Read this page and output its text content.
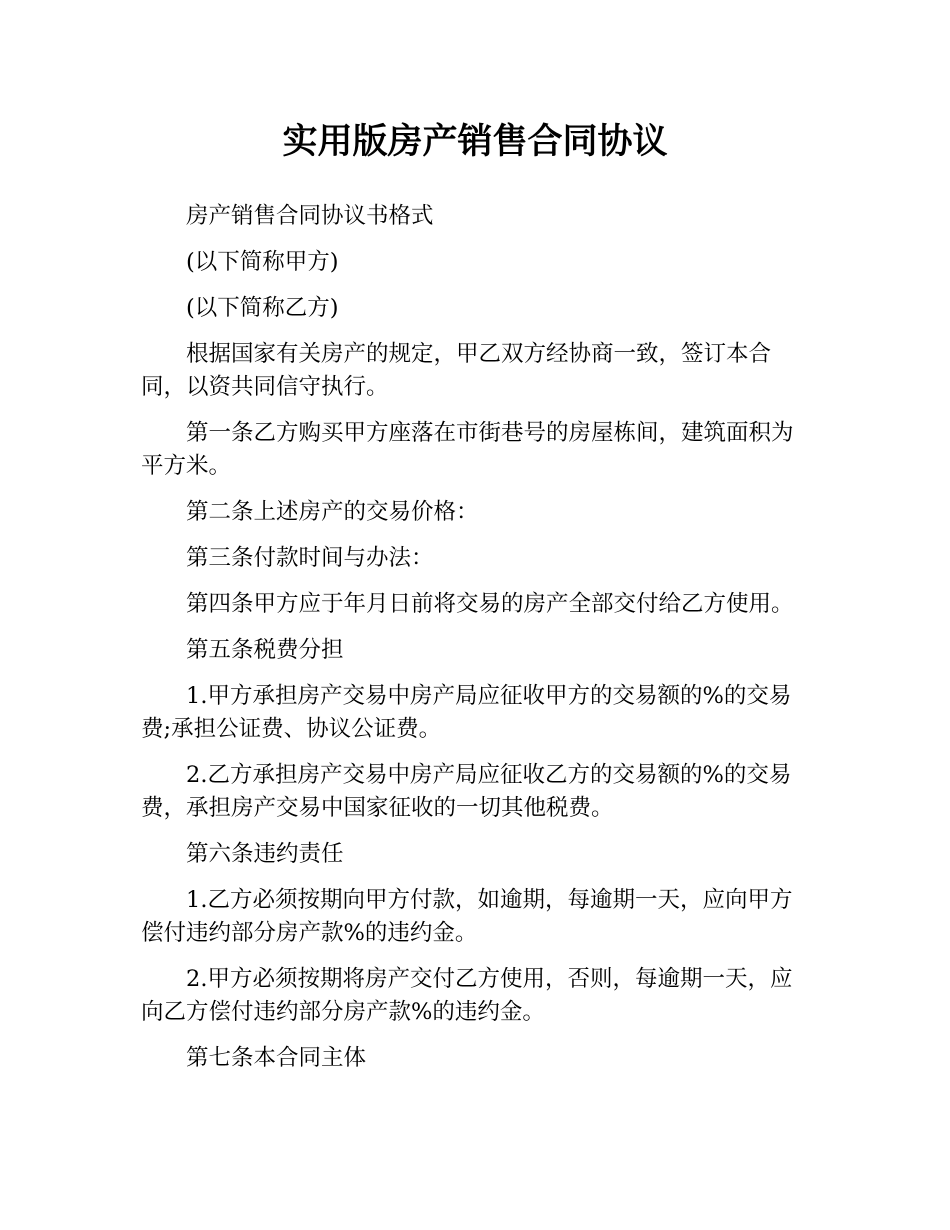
实用版房产销售合同协议

房产销售合同协议书格式

(以下简称甲方)

(以下简称乙方)

根据国家有关房产的规定，甲乙双方经协商一致，签订本合同，以资共同信守执行。

第一条乙方购买甲方座落在市街巷号的房屋栋间，建筑面积为平方米。

第二条上述房产的交易价格：

第三条付款时间与办法：

第四条甲方应于年月日前将交易的房产全部交付给乙方使用。

第五条税费分担

1.甲方承担房产交易中房产局应征收甲方的交易额的%的交易费;承担公证费、协议公证费。

2.乙方承担房产交易中房产局应征收乙方的交易额的%的交易费，承担房产交易中国家征收的一切其他税费。

第六条违约责任

1.乙方必须按期向甲方付款，如逾期，每逾期一天，应向甲方偿付违约部分房产款%的违约金。

2.甲方必须按期将房产交付乙方使用，否则，每逾期一天，应向乙方偿付违约部分房产款%的违约金。

第七条本合同主体
